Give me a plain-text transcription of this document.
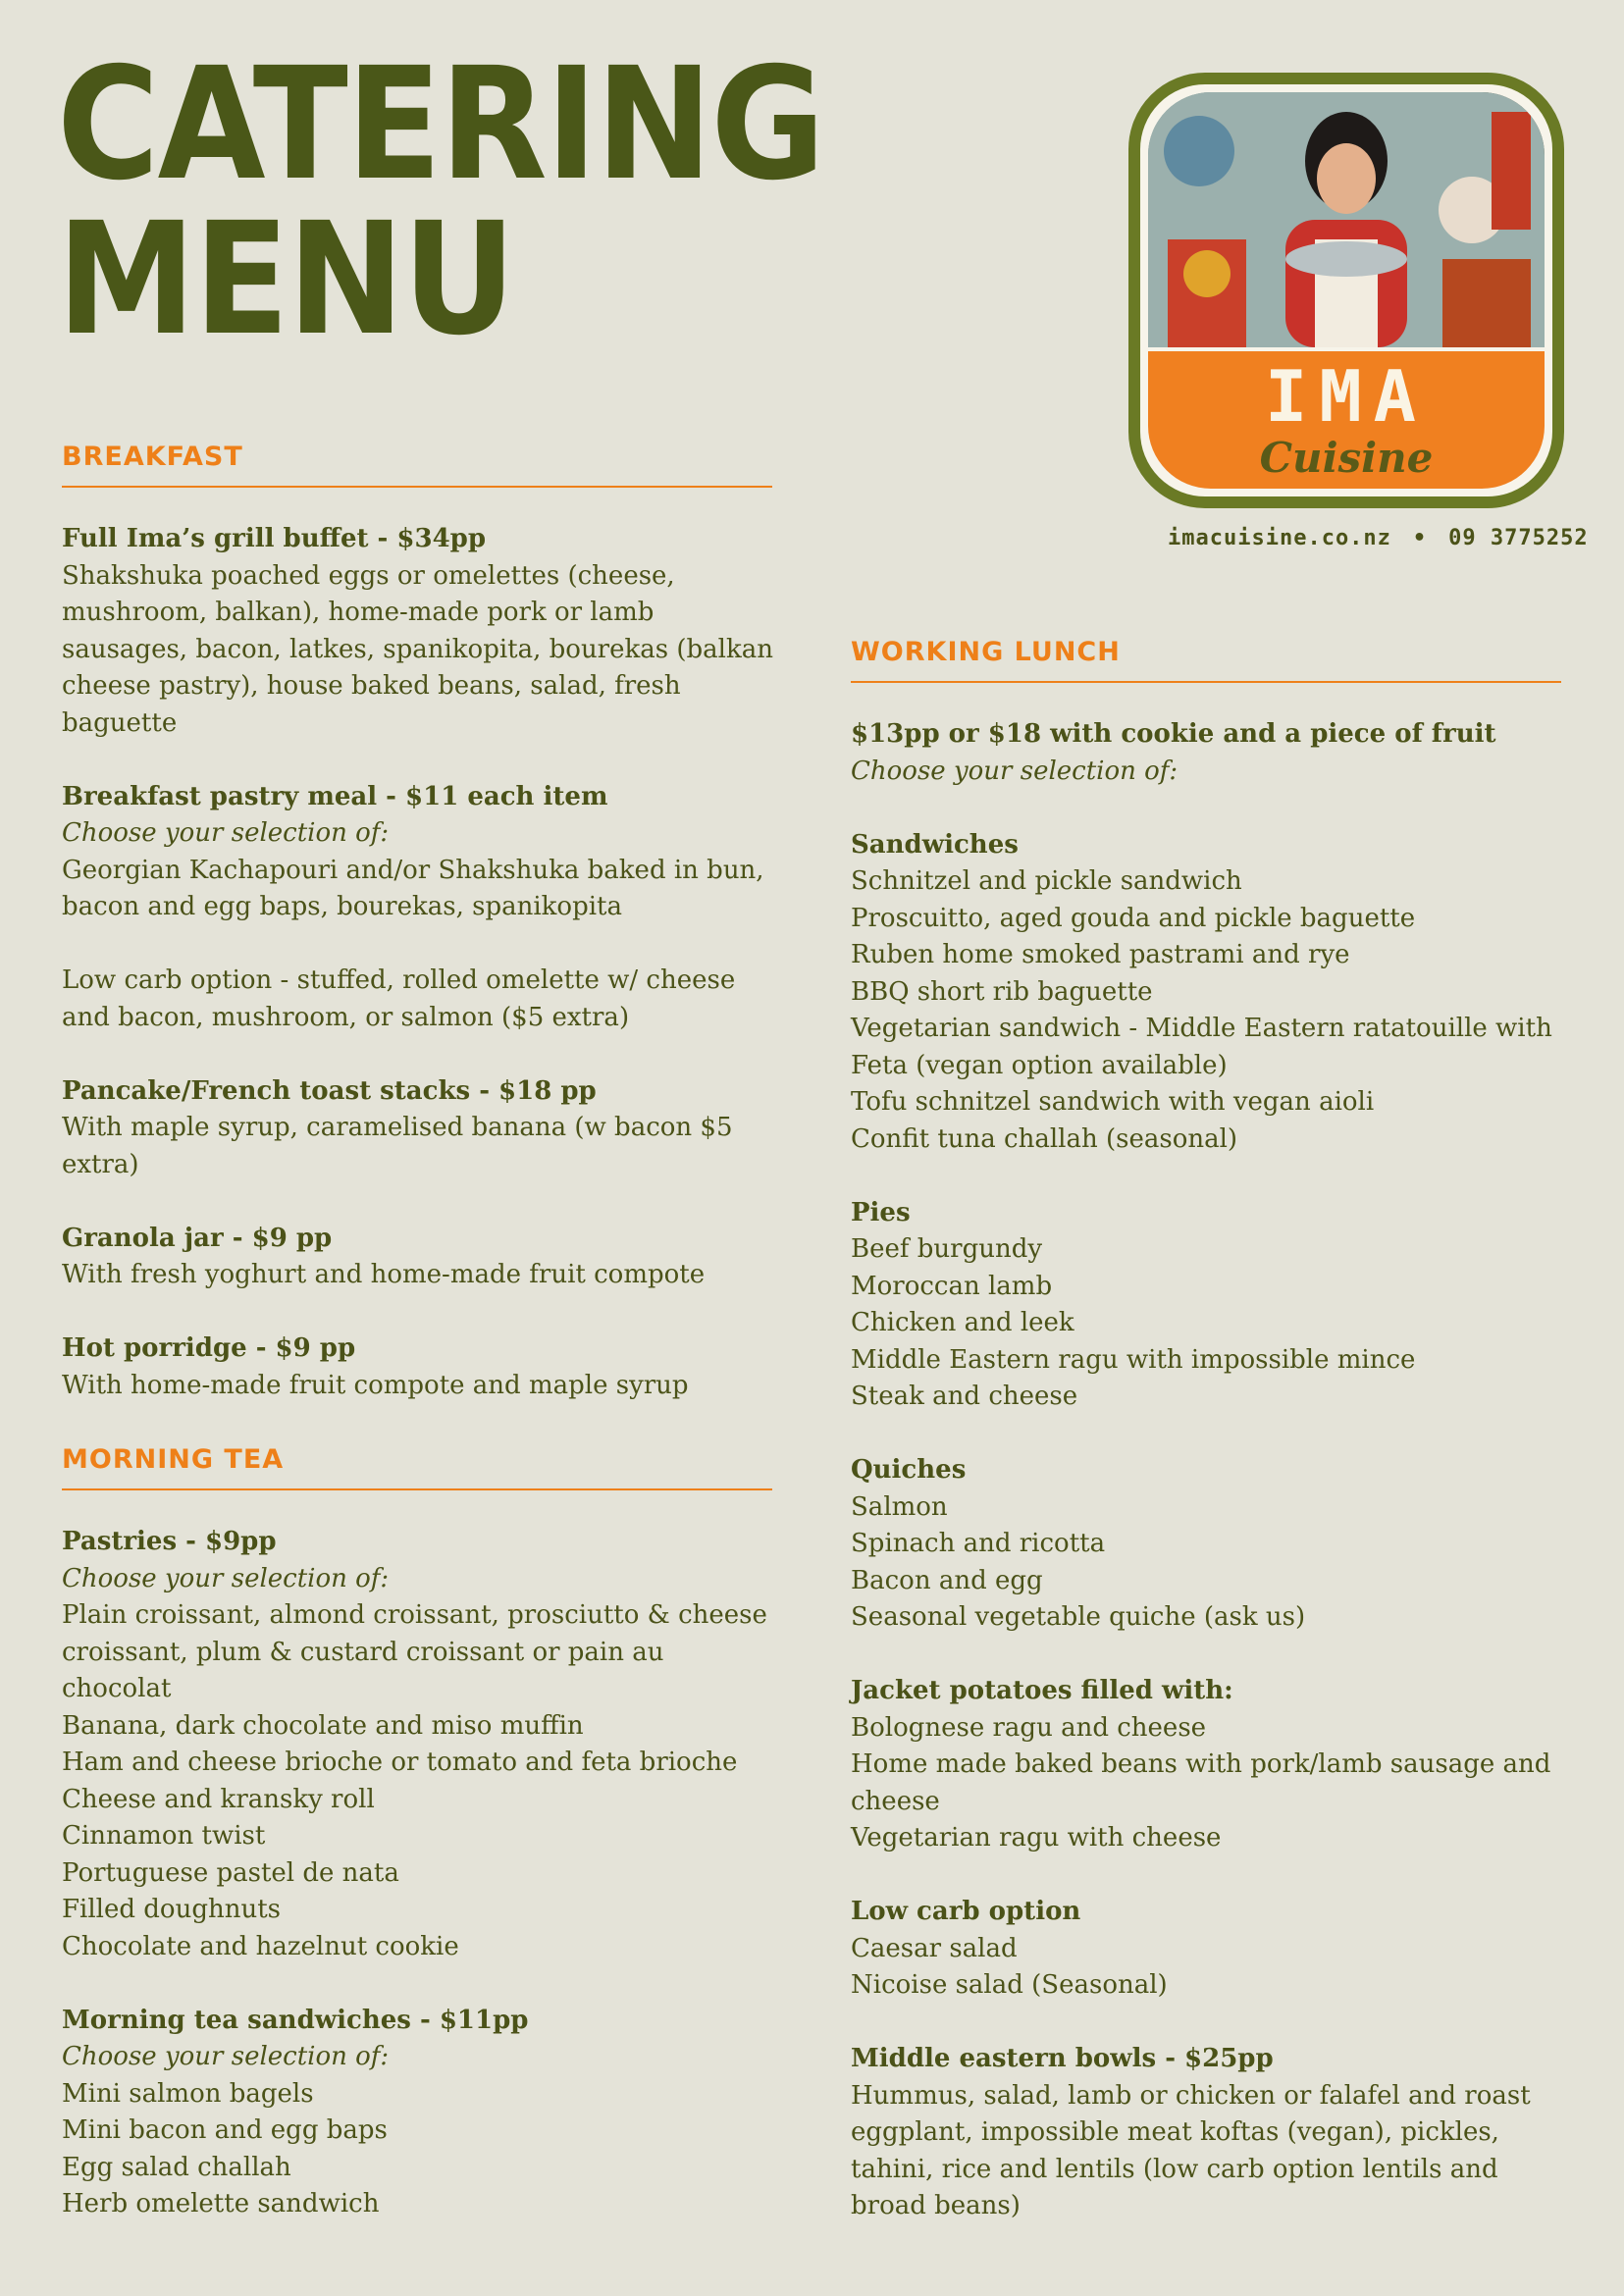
CATERING
MENU
IMA
Cuisine
imacuisine.co.nz • 09 3775252
BREAKFAST
Full Ima’s grill buffet - $34pp
Shakshuka poached eggs or omelettes (cheese,
mushroom, balkan), home-made pork or lamb
sausages, bacon, latkes, spanikopita, bourekas (balkan
cheese pastry), house baked beans, salad, fresh
baguette
Breakfast pastry meal - $11 each item
Choose your selection of:
Georgian Kachapouri and/or Shakshuka baked in bun,
bacon and egg baps, bourekas, spanikopita
Low carb option - stuffed, rolled omelette w/ cheese
and bacon, mushroom, or salmon ($5 extra)
Pancake/French toast stacks - $18 pp
With maple syrup, caramelised banana (w bacon $5
extra)
Granola jar - $9 pp
With fresh yoghurt and home-made fruit compote
Hot porridge - $9 pp
With home-made fruit compote and maple syrup
MORNING TEA
Pastries - $9pp
Choose your selection of:
Plain croissant, almond croissant, prosciutto & cheese
croissant, plum & custard croissant or pain au
chocolat
Banana, dark chocolate and miso muffin
Ham and cheese brioche or tomato and feta brioche
Cheese and kransky roll
Cinnamon twist
Portuguese pastel de nata
Filled doughnuts
Chocolate and hazelnut cookie
Morning tea sandwiches - $11pp
Choose your selection of:
Mini salmon bagels
Mini bacon and egg baps
Egg salad challah
Herb omelette sandwich
WORKING LUNCH
$13pp or $18 with cookie and a piece of fruit
Choose your selection of:
Sandwiches
Schnitzel and pickle sandwich
Proscuitto, aged gouda and pickle baguette
Ruben home smoked pastrami and rye
BBQ short rib baguette
Vegetarian sandwich - Middle Eastern ratatouille with
Feta (vegan option available)
Tofu schnitzel sandwich with vegan aioli
Confit tuna challah (seasonal)
Pies
Beef burgundy
Moroccan lamb
Chicken and leek
Middle Eastern ragu with impossible mince
Steak and cheese
Quiches
Salmon
Spinach and ricotta
Bacon and egg
Seasonal vegetable quiche (ask us)
Jacket potatoes filled with:
Bolognese ragu and cheese
Home made baked beans with pork/lamb sausage and
cheese
Vegetarian ragu with cheese
Low carb option
Caesar salad
Nicoise salad (Seasonal)
Middle eastern bowls - $25pp
Hummus, salad, lamb or chicken or falafel and roast
eggplant, impossible meat koftas (vegan), pickles,
tahini, rice and lentils (low carb option lentils and
broad beans)
